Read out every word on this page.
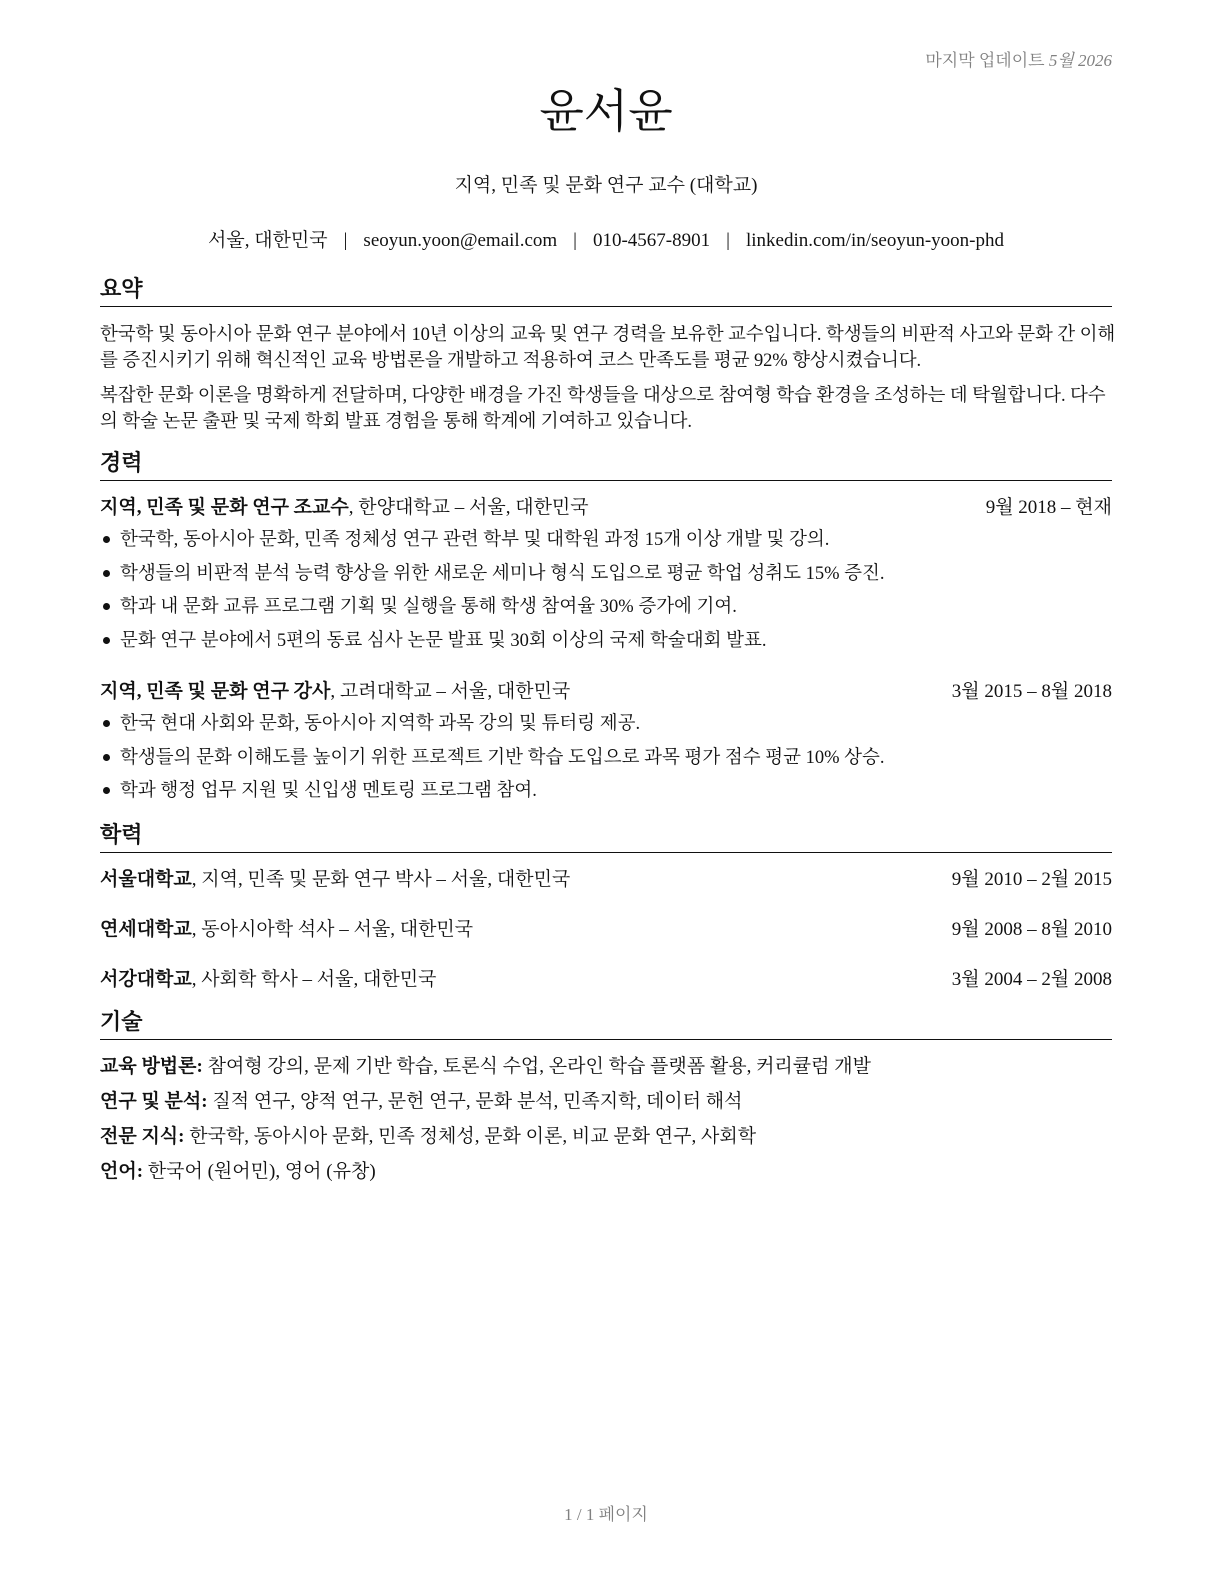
마지막 업데이트 5월 2026
윤서윤
지역, 민족 및 문화 연구 교수 (대학교)
서울, 대한민국 | seoyun.yoon@email.com | 010-4567-8901 | linkedin.com/in/seoyun-yoon-phd
요약
한국학 및 동아시아 문화 연구 분야에서 10년 이상의 교육 및 연구 경력을 보유한 교수입니다. 학생들의 비판적 사고와 문화 간 이해를 증진시키기 위해 혁신적인 교육 방법론을 개발하고 적용하여 코스 만족도를 평균 92% 향상시켰습니다.
복잡한 문화 이론을 명확하게 전달하며, 다양한 배경을 가진 학생들을 대상으로 참여형 학습 환경을 조성하는 데 탁월합니다. 다수의 학술 논문 출판 및 국제 학회 발표 경험을 통해 학계에 기여하고 있습니다.
경력
지역, 민족 및 문화 연구 조교수, 한양대학교 – 서울, 대한민국	9월 2018 – 현재
한국학, 동아시아 문화, 민족 정체성 연구 관련 학부 및 대학원 과정 15개 이상 개발 및 강의.
학생들의 비판적 분석 능력 향상을 위한 새로운 세미나 형식 도입으로 평균 학업 성취도 15% 증진.
학과 내 문화 교류 프로그램 기획 및 실행을 통해 학생 참여율 30% 증가에 기여.
문화 연구 분야에서 5편의 동료 심사 논문 발표 및 30회 이상의 국제 학술대회 발표.
지역, 민족 및 문화 연구 강사, 고려대학교 – 서울, 대한민국	3월 2015 – 8월 2018
한국 현대 사회와 문화, 동아시아 지역학 과목 강의 및 튜터링 제공.
학생들의 문화 이해도를 높이기 위한 프로젝트 기반 학습 도입으로 과목 평가 점수 평균 10% 상승.
학과 행정 업무 지원 및 신입생 멘토링 프로그램 참여.
학력
서울대학교, 지역, 민족 및 문화 연구 박사 – 서울, 대한민국	9월 2010 – 2월 2015
연세대학교, 동아시아학 석사 – 서울, 대한민국	9월 2008 – 8월 2010
서강대학교, 사회학 학사 – 서울, 대한민국	3월 2004 – 2월 2008
기술
교육 방법론: 참여형 강의, 문제 기반 학습, 토론식 수업, 온라인 학습 플랫폼 활용, 커리큘럼 개발
연구 및 분석: 질적 연구, 양적 연구, 문헌 연구, 문화 분석, 민족지학, 데이터 해석
전문 지식: 한국학, 동아시아 문화, 민족 정체성, 문화 이론, 비교 문화 연구, 사회학
언어: 한국어 (원어민), 영어 (유창)
1 / 1 페이지
